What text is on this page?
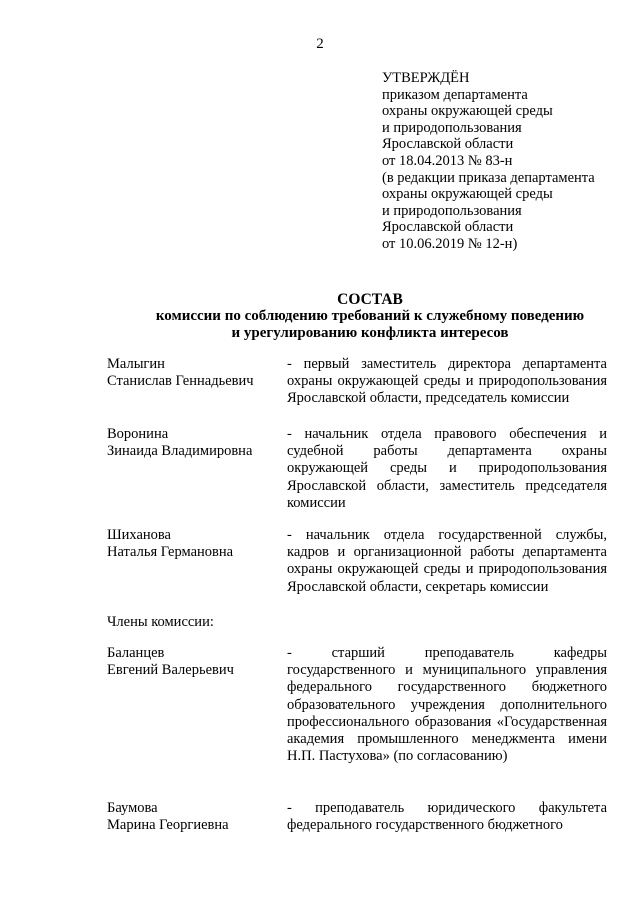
2
УТВЕРЖДЁН
приказом департамента
охраны окружающей среды
и природопользования
Ярославской области
от 18.04.2013 № 83-н
(в редакции приказа департамента
охраны окружающей среды
и природопользования
Ярославской области
от 10.06.2019 № 12-н)
СОСТАВ
комиссии по соблюдению требований к служебному поведению
и урегулированию конфликта интересов
Малыгин
Станислав Геннадьевич
- первый заместитель директора департамента охраны окружающей среды и природопользования Ярославской области, председатель комиссии
Воронина
Зинаида Владимировна
- начальник отдела правового обеспечения и судебной работы департамента охраны окружающей среды и природопользования Ярославской области, заместитель председателя комиссии
Шиханова
Наталья Германовна
- начальник отдела государственной службы, кадров и организационной работы департамента охраны окружающей среды и природопользования Ярославской области, секретарь комиссии
Члены комиссии:
Баланцев
Евгений Валерьевич
- старший преподаватель кафедры государственного и муниципального управления федерального государственного бюджетного образовательного учреждения дополнительного профессионального образования «Государственная академия промышленного менеджмента имени Н.П. Пастухова» (по согласованию)
Баумова
Марина Георгиевна
- преподаватель юридического факультета федерального государственного бюджетного
